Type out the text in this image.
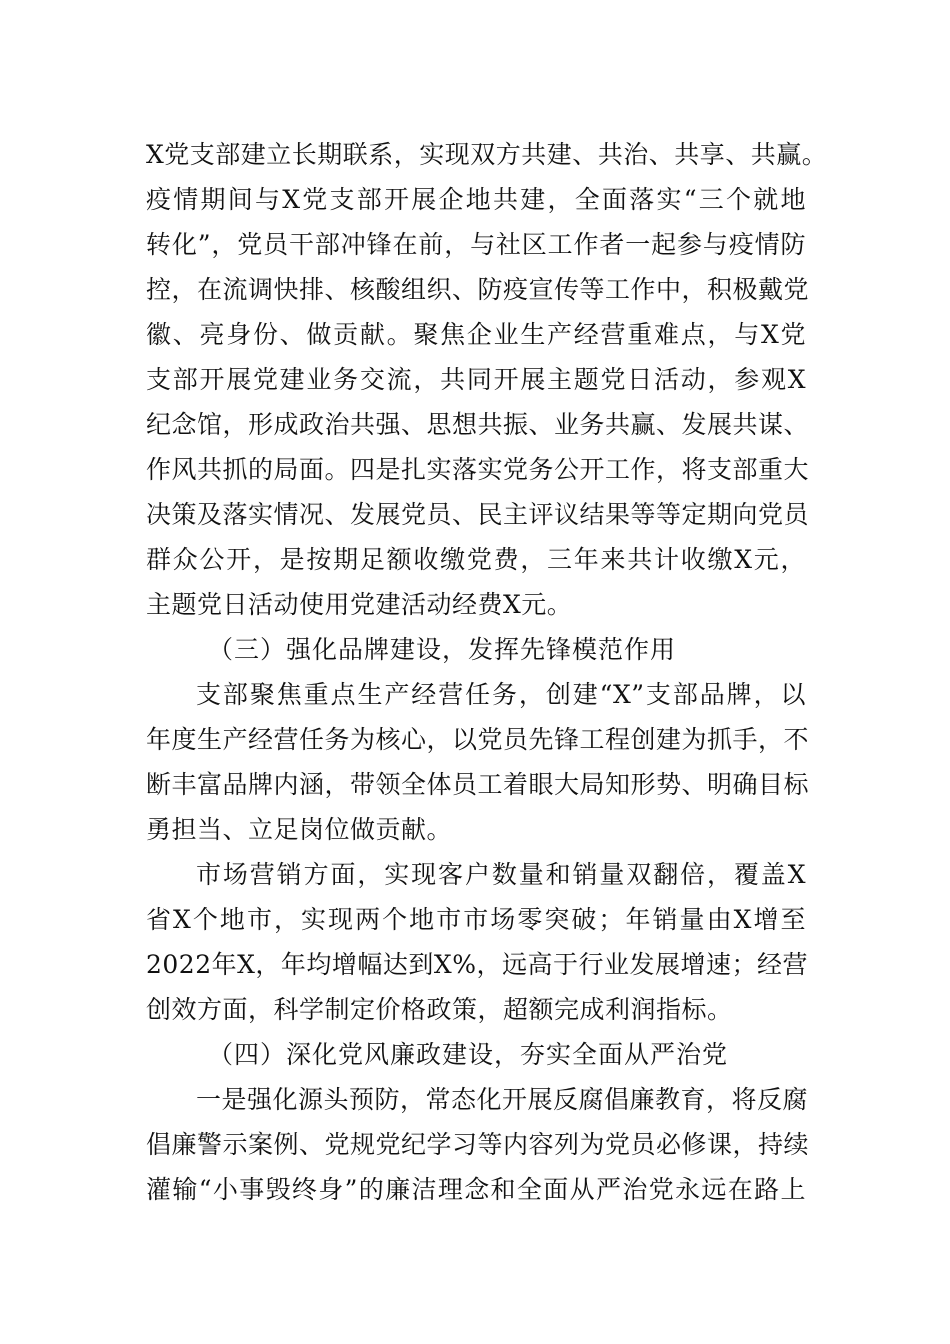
X党支部建立长期联系，实现双方共建、共治、共享、共赢。
疫情期间与X党支部开展企地共建，全面落实“三个就地
转化”，党员干部冲锋在前，与社区工作者一起参与疫情防
控，在流调快排、核酸组织、防疫宣传等工作中，积极戴党
徽、亮身份、做贡献。聚焦企业生产经营重难点，与X党
支部开展党建业务交流，共同开展主题党日活动，参观X
纪念馆，形成政治共强、思想共振、业务共赢、发展共谋、
作风共抓的局面。四是扎实落实党务公开工作，将支部重大
决策及落实情况、发展党员、民主评议结果等等定期向党员
群众公开，是按期足额收缴党费，三年来共计收缴X元，
主题党日活动使用党建活动经费X元。
（三）强化品牌建设，发挥先锋模范作用
支部聚焦重点生产经营任务，创建“X”支部品牌，以
年度生产经营任务为核心，以党员先锋工程创建为抓手，不
断丰富品牌内涵，带领全体员工着眼大局知形势、明确目标
勇担当、立足岗位做贡献。
市场营销方面，实现客户数量和销量双翻倍，覆盖X
省X个地市，实现两个地市市场零突破；年销量由X增至
2022年X，年均增幅达到X%，远高于行业发展增速；经营
创效方面，科学制定价格政策，超额完成利润指标。
（四）深化党风廉政建设，夯实全面从严治党
一是强化源头预防，常态化开展反腐倡廉教育，将反腐
倡廉警示案例、党规党纪学习等内容列为党员必修课，持续
灌输“小事毁终身”的廉洁理念和全面从严治党永远在路上
